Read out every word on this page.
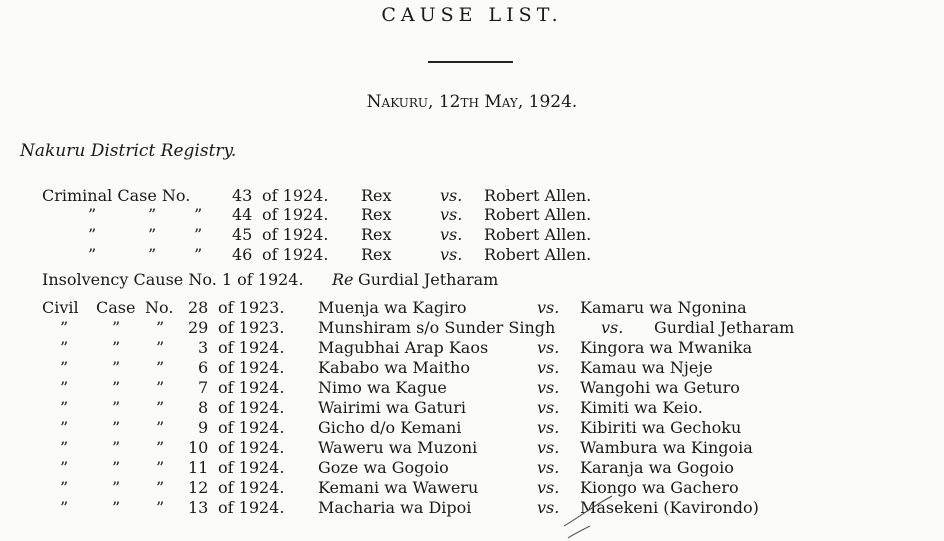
CAUSE LIST.
Nakuru, 12th May, 1924.
Nakuru District Registry.
Criminal Case No.	43 of 1924. Rex	vs. Robert Allen.
”	” ” 44 of 1924. Rex	vs. Robert Allen.
”	” ” 45 of 1924. Rex	vs. Robert Allen.
”	” ” 46 of 1924. Rex	vs. Robert Allen.
Insolvency Cause No. 1 of 1924. Re Gurdial Jetharam
Civil Case No. 28 of 1923. Muenja wa Kagiro	vs. Kamaru wa Ngonina
”	” ” 29 of 1923. Munshiram s/o Sunder Singh	vs. Gurdial Jetharam
”	” ” 3 of 1924. Magubhai Arap Kaos	vs. Kingora wa Mwanika
”	” ” 6 of 1924. Kababo wa Maitho	vs. Kamau wa Njeje
”	” ” 7 of 1924. Nimo wa Kague	vs. Wangohi wa Geturo
”	” ” 8 of 1924. Wairimi wa Gaturi	vs. Kimiti wa Keio.
”	” ” 9 of 1924. Gicho d/o Kemani	vs. Kibiriti wa Gechoku
”	” ” 10 of 1924. Waweru wa Muzoni	vs. Wambura wa Kingoia
”	” ” 11 of 1924. Goze wa Gogoio	vs. Karanja wa Gogoio
”	” ” 12 of 1924. Kemani wa Waweru	vs. Kiongo wa Gachero
”	” ” 13 of 1924. Macharia wa Dipoi	vs. Masekeni (Kavirondo)
